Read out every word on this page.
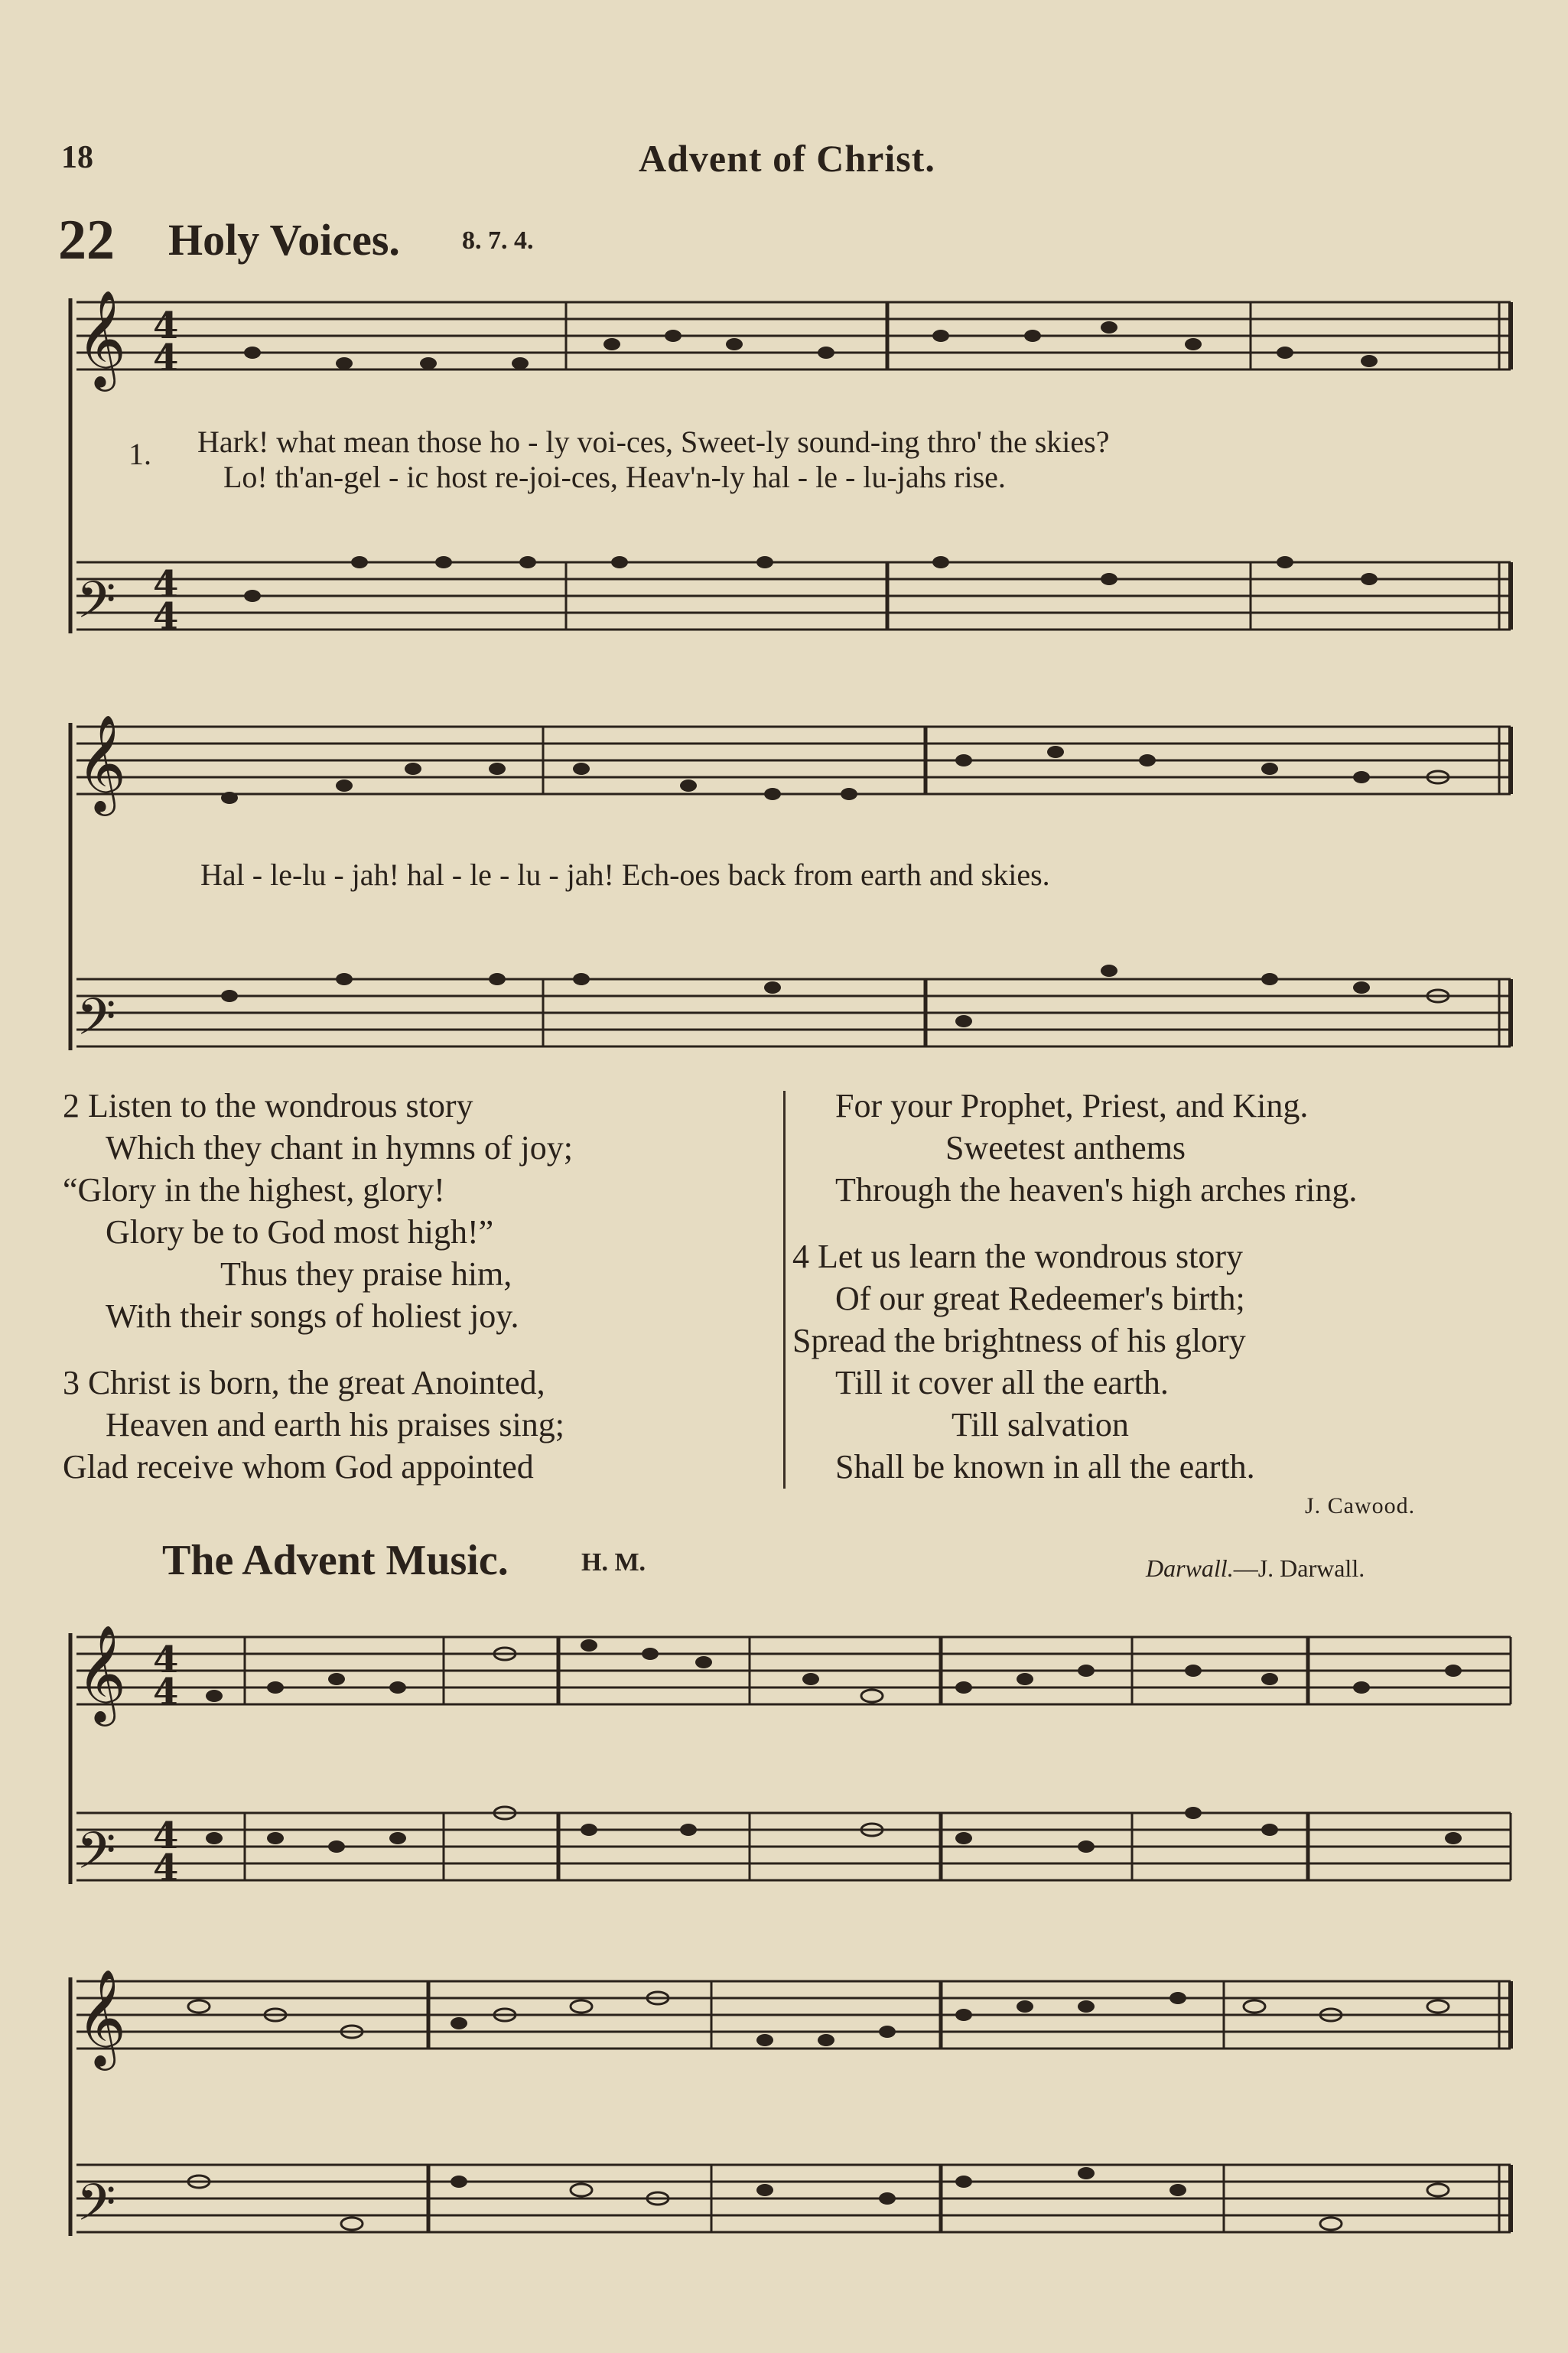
18	Advent of Christ.
22 Holy Voices. 8. 7. 4.
𝄞
𝄢
4
4
4
4
1. Hark! what mean those ho - ly voi-ces, Sweet-ly sound-ing thro' the skies?
Lo! th'an-gel - ic host re-joi-ces, Heav'n-ly hal - le - lu-jahs rise.
𝄞
𝄢
Hal - le-lu - jah! hal - le - lu - jah! Ech-oes back from earth and skies.
2 Listen to the wondrous story
Which they chant in hymns of joy;
“Glory in the highest, glory!
Glory be to God most high!”
Thus they praise him,
With their songs of holiest joy.
3 Christ is born, the great Anointed,
Heaven and earth his praises sing;
Glad receive whom God appointed
For your Prophet, Priest, and King.
Sweetest anthems
Through the heaven's high arches ring.
4 Let us learn the wondrous story
Of our great Redeemer's birth;
Spread the brightness of his glory
Till it cover all the earth.
Till salvation
Shall be known in all the earth.
J. Cawood.
The Advent Music.	H. M.	Darwall.—J. Darwall.
𝄞
𝄢
4
4
4
4
𝄞
𝄢
